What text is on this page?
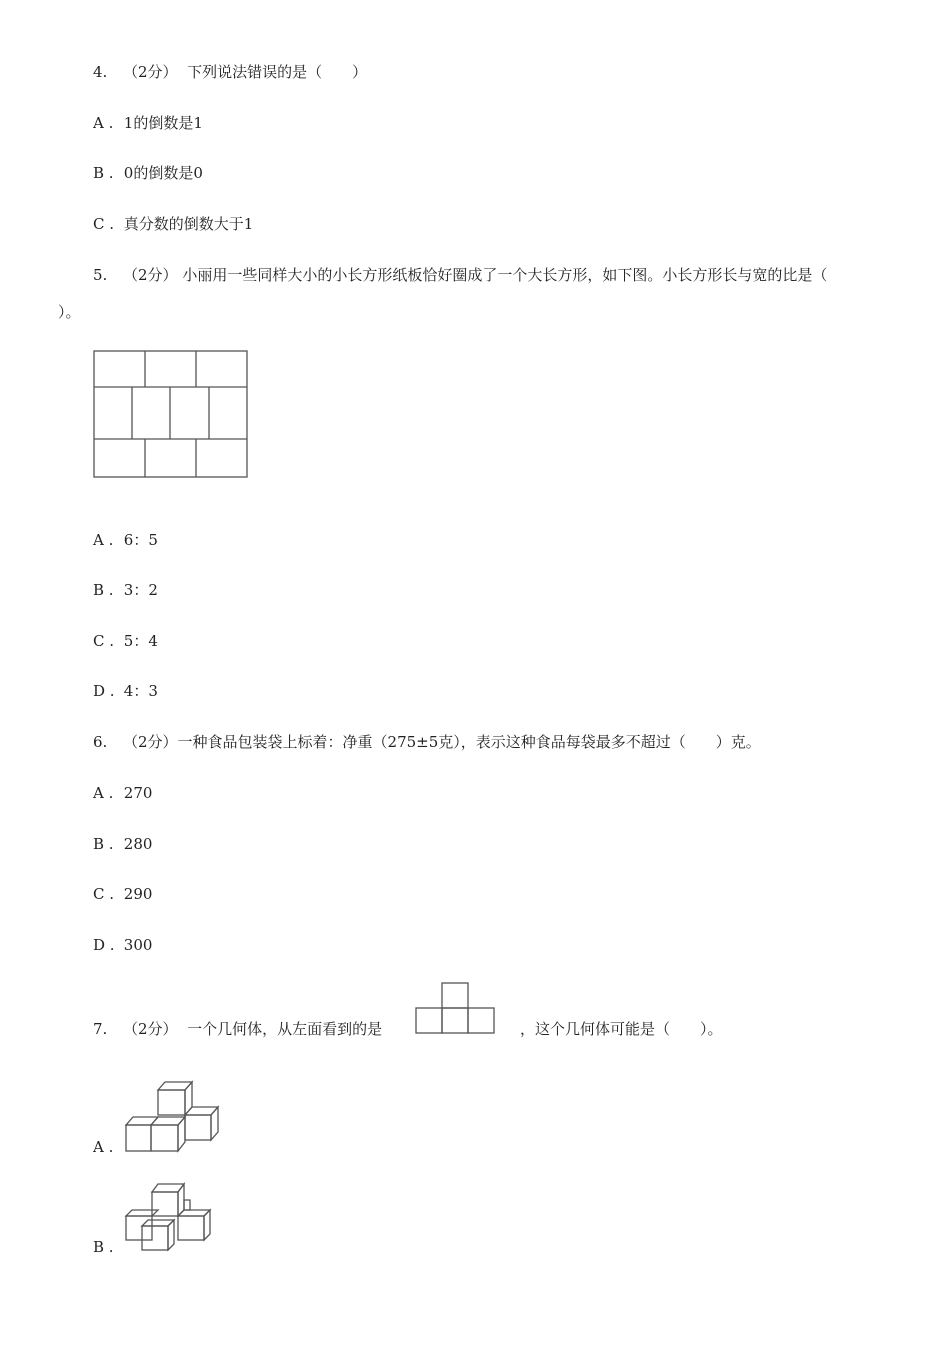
4. （2分） 下列说法错误的是（　　）
A . 1的倒数是1
B . 0的倒数是0
C . 真分数的倒数大于1
5. （2分） 小丽用一些同样大小的小长方形纸板恰好圈成了一个大长方形，如下图。小长方形长与宽的比是（
）。
A . 6：5
B . 3：2
C . 5：4
D . 4：3
6. （2分）一种食品包装袋上标着：净重（275±5克），表示这种食品每袋最多不超过（　　）克。
A . 270
B . 280
C . 290
D . 300
7. （2分） 一个几何体，从左面看到的是	，这个几何体可能是（　　）。
A .
B .
